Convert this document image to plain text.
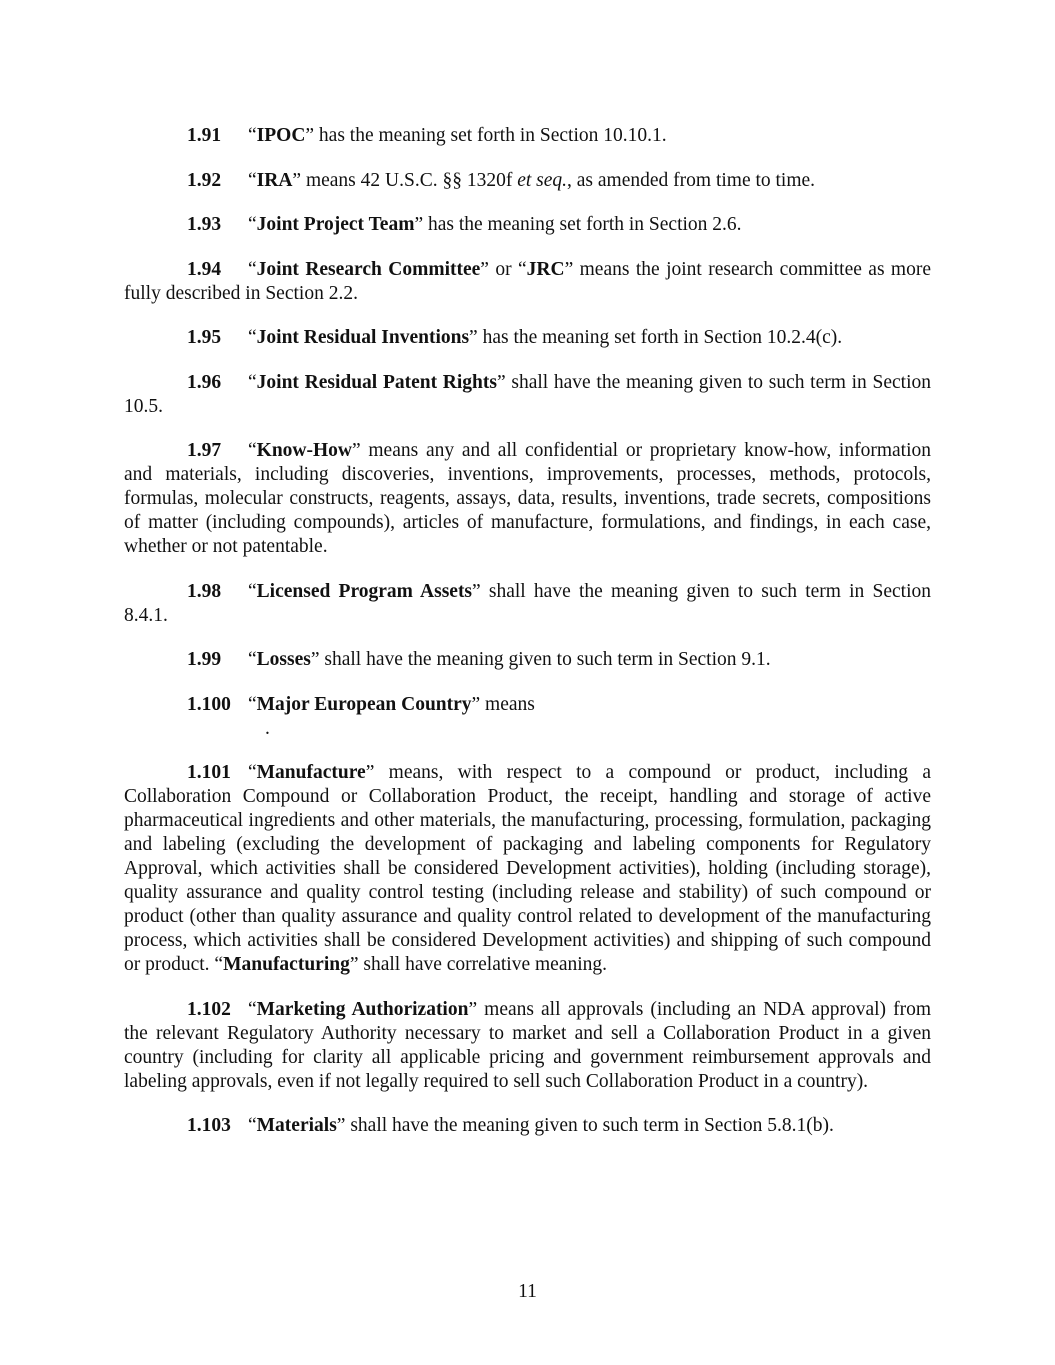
1.91 “IPOC” has the meaning set forth in Section 10.10.1.

1.92 “IRA” means 42 U.S.C. §§ 1320f et seq., as amended from time to time.

1.93 “Joint Project Team” has the meaning set forth in Section 2.6.

1.94 “Joint Research Committee” or “JRC” means the joint research committee as more fully described in Section 2.2.

1.95 “Joint Residual Inventions” has the meaning set forth in Section 10.2.4(c).

1.96 “Joint Residual Patent Rights” shall have the meaning given to such term in Section 10.5.

1.97 “Know-How” means any and all confidential or proprietary know-how, information and materials, including discoveries, inventions, improvements, processes, methods, protocols, formulas, molecular constructs, reagents, assays, data, results, inventions, trade secrets, compositions of matter (including compounds), articles of manufacture, formulations, and findings, in each case, whether or not patentable.

1.98 “Licensed Program Assets” shall have the meaning given to such term in Section 8.4.1.

1.99 “Losses” shall have the meaning given to such term in Section 9.1.

1.100 “Major European Country” means
.

1.101 “Manufacture” means, with respect to a compound or product, including a Collaboration Compound or Collaboration Product, the receipt, handling and storage of active pharmaceutical ingredients and other materials, the manufacturing, processing, formulation, packaging and labeling (excluding the development of packaging and labeling components for Regulatory Approval, which activities shall be considered Development activities), holding (including storage), quality assurance and quality control testing (including release and stability) of such compound or product (other than quality assurance and quality control related to development of the manufacturing process, which activities shall be considered Development activities) and shipping of such compound or product. “Manufacturing” shall have correlative meaning.

1.102 “Marketing Authorization” means all approvals (including an NDA approval) from the relevant Regulatory Authority necessary to market and sell a Collaboration Product in a given country (including for clarity all applicable pricing and government reimbursement approvals and labeling approvals, even if not legally required to sell such Collaboration Product in a country).

1.103 “Materials” shall have the meaning given to such term in Section 5.8.1(b).

11
